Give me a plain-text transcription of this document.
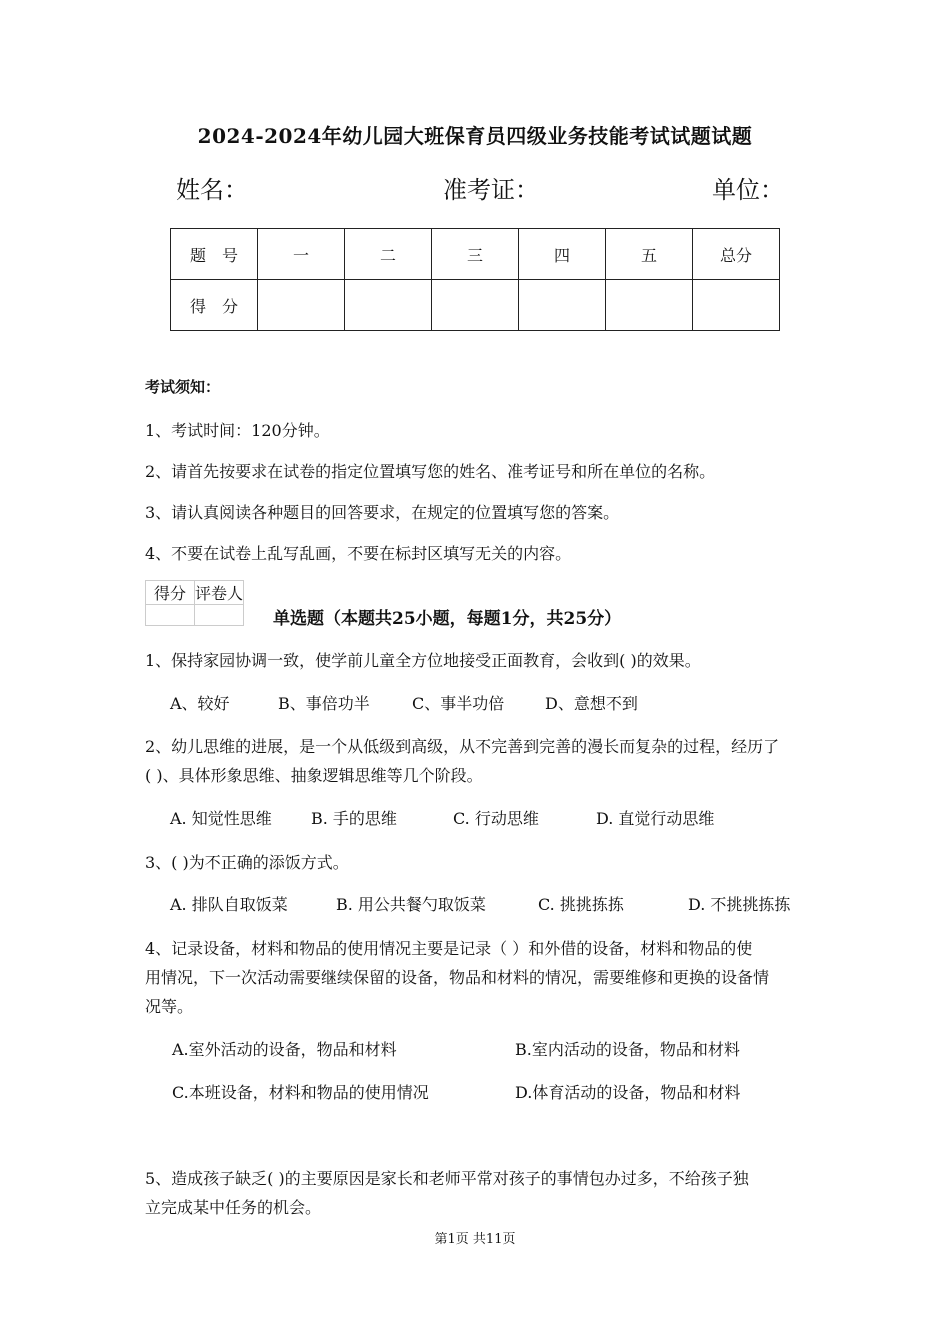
2024-2024年幼儿园大班保育员四级业务技能考试试题试题
姓名：	准考证：	单位：
题　号	一	二	三	四	五	总分
得　分						
考试须知：
1、考试时间：120分钟。
2、请首先按要求在试卷的指定位置填写您的姓名、准考证号和所在单位的名称。
3、请认真阅读各种题目的回答要求，在规定的位置填写您的答案。
4、不要在试卷上乱写乱画，不要在标封区填写无关的内容。
得分	评卷人

单选题（本题共25小题，每题1分，共25分）
1、保持家园协调一致，使学前儿童全方位地接受正面教育，会收到( )的效果。
A、较好	B、事倍功半	C、事半功倍	D、意想不到
2、幼儿思维的进展，是一个从低级到高级，从不完善到完善的漫长而复杂的过程，经历了
( )、具体形象思维、抽象逻辑思维等几个阶段。
A. 知觉性思维 B. 手的思维	C. 行动思维	D. 直觉行动思维
3、( )为不正确的添饭方式。
A. 排队自取饭菜	B. 用公共餐勺取饭菜	C. 挑挑拣拣	D. 不挑挑拣拣
4、记录设备，材料和物品的使用情况主要是记录（ ）和外借的设备，材料和物品的使
用情况，下一次活动需要继续保留的设备，物品和材料的情况，需要维修和更换的设备情
况等。
A.室外活动的设备，物品和材料	B.室内活动的设备，物品和材料
C.本班设备，材料和物品的使用情况	D.体育活动的设备，物品和材料
5、造成孩子缺乏( )的主要原因是家长和老师平常对孩子的事情包办过多，不给孩子独
立完成某中任务的机会。
第1页 共11页
